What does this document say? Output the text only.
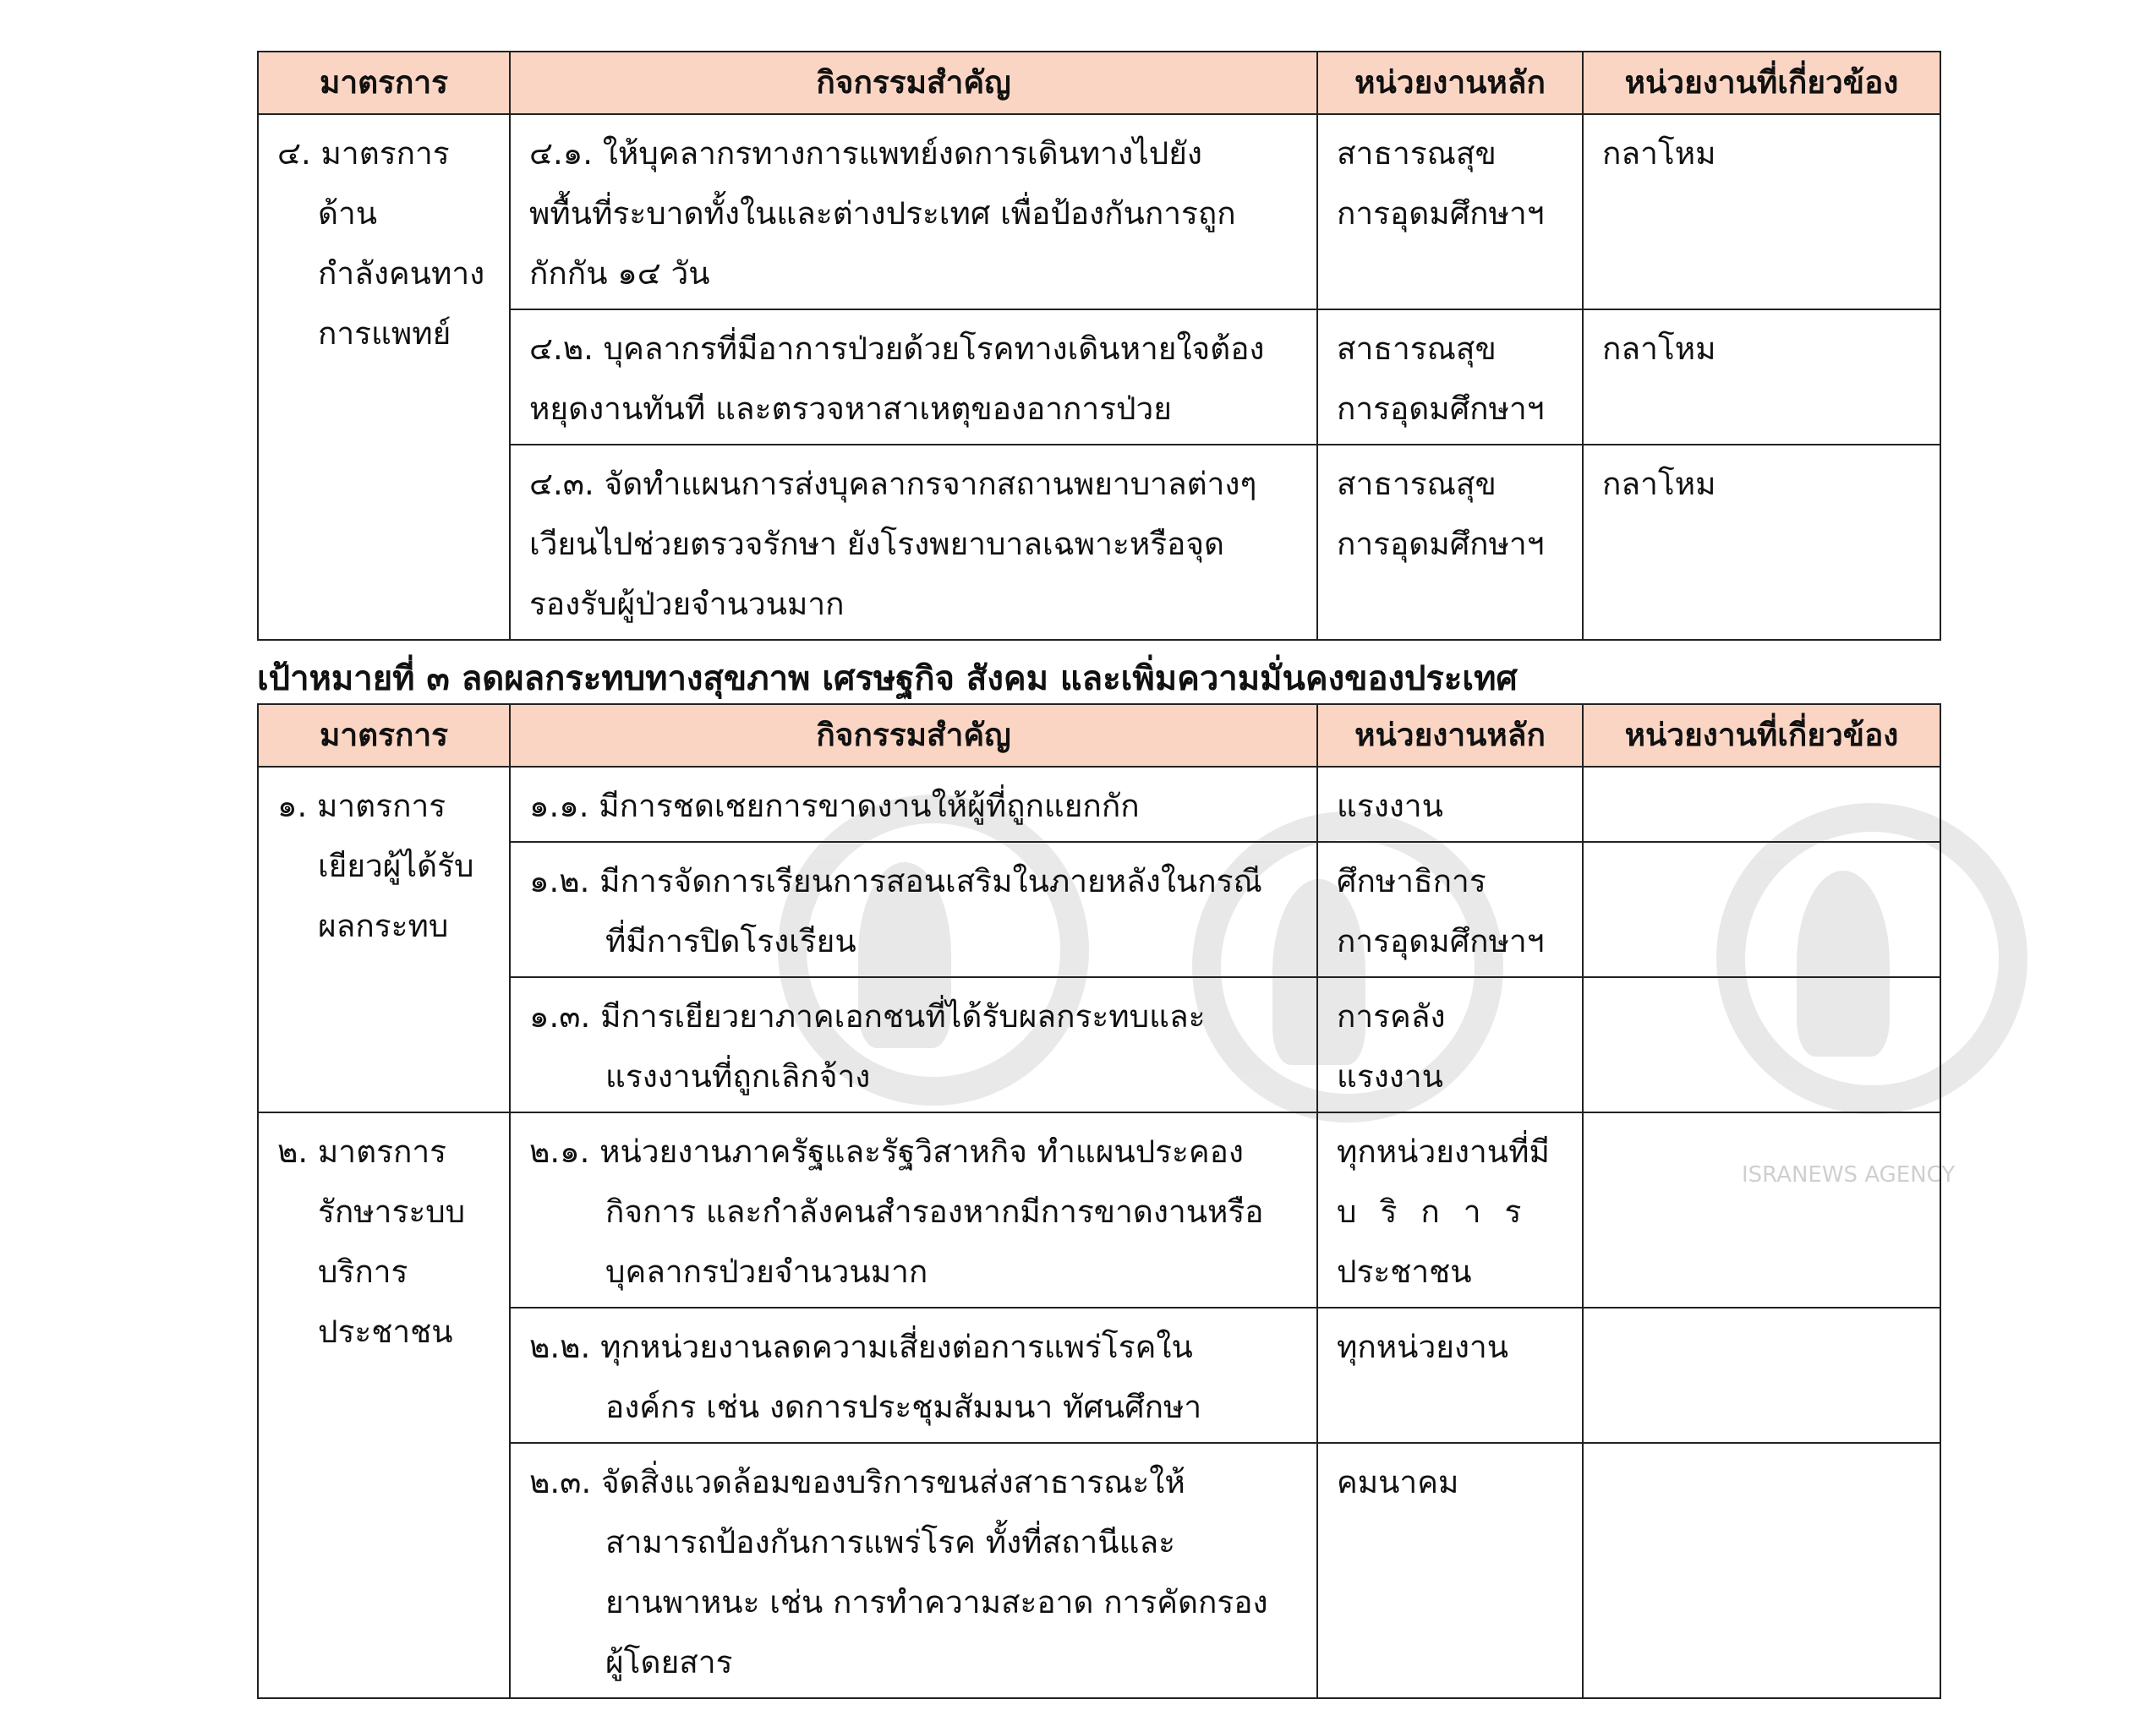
ISRANEWS AGENCY
มาตรการ	กิจกรรมสำคัญ	หน่วยงานหลัก	หน่วยงานที่เกี่ยวข้อง

๔. มาตรการ
ด้าน
กำลังคนทาง
การแพทย์	๔.๑. ให้บุคลากรทางการแพทย์งดการเดินทางไปยัง
พทื้นที่ระบาดทั้งในและต่างประเทศ เพื่อป้องกันการถูก
กักกัน ๑๔ วัน	สาธารณสุข
การอุดมศึกษาฯ	กลาโหม

	๔.๒. บุคลากรที่มีอาการป่วยด้วยโรคทางเดินหายใจต้อง
หยุดงานทันที และตรวจหาสาเหตุของอาการป่วย	สาธารณสุข
การอุดมศึกษาฯ	กลาโหม

	๔.๓. จัดทำแผนการส่งบุคลากรจากสถานพยาบาลต่างๆ
เวียนไปช่วยตรวจรักษา ยังโรงพยาบาลเฉพาะหรือจุด
รองรับผู้ป่วยจำนวนมาก	สาธารณสุข
การอุดมศึกษาฯ	กลาโหม
เป้าหมายที่ ๓ ลดผลกระทบทางสุขภาพ เศรษฐกิจ สังคม และเพิ่มความมั่นคงของประเทศ
มาตรการ	กิจกรรมสำคัญ	หน่วยงานหลัก	หน่วยงานที่เกี่ยวข้อง

๑. มาตรการ
เยียวผู้ได้รับ
ผลกระทบ	๑.๑. มีการชดเชยการขาดงานให้ผู้ที่ถูกแยกกัก	แรงงาน	

	๑.๒. มีการจัดการเรียนการสอนเสริมในภายหลังในกรณี
ที่มีการปิดโรงเรียน	ศึกษาธิการ
การอุดมศึกษาฯ	

	๑.๓. มีการเยียวยาภาคเอกชนที่ได้รับผลกระทบและ
แรงงานที่ถูกเลิกจ้าง	การคลัง
แรงงาน	

๒. มาตรการ
รักษาระบบ
บริการ
ประชาชน	๒.๑. หน่วยงานภาครัฐและรัฐวิสาหกิจ ทำแผนประคอง
กิจการ และกำลังคนสำรองหากมีการขาดงานหรือ
บุคลากรป่วยจำนวนมาก	ทุกหน่วยงานที่มี
บริการ
ประชาชน	

	๒.๒. ทุกหน่วยงานลดความเสี่ยงต่อการแพร่โรคใน
องค์กร เช่น งดการประชุมสัมมนา ทัศนศึกษา	ทุกหน่วยงาน	

	๒.๓. จัดสิ่งแวดล้อมของบริการขนส่งสาธารณะให้
สามารถป้องกันการแพร่โรค ทั้งที่สถานีและ
ยานพาหนะ เช่น การทำความสะอาด การคัดกรอง
ผู้โดยสาร	คมนาคม	
